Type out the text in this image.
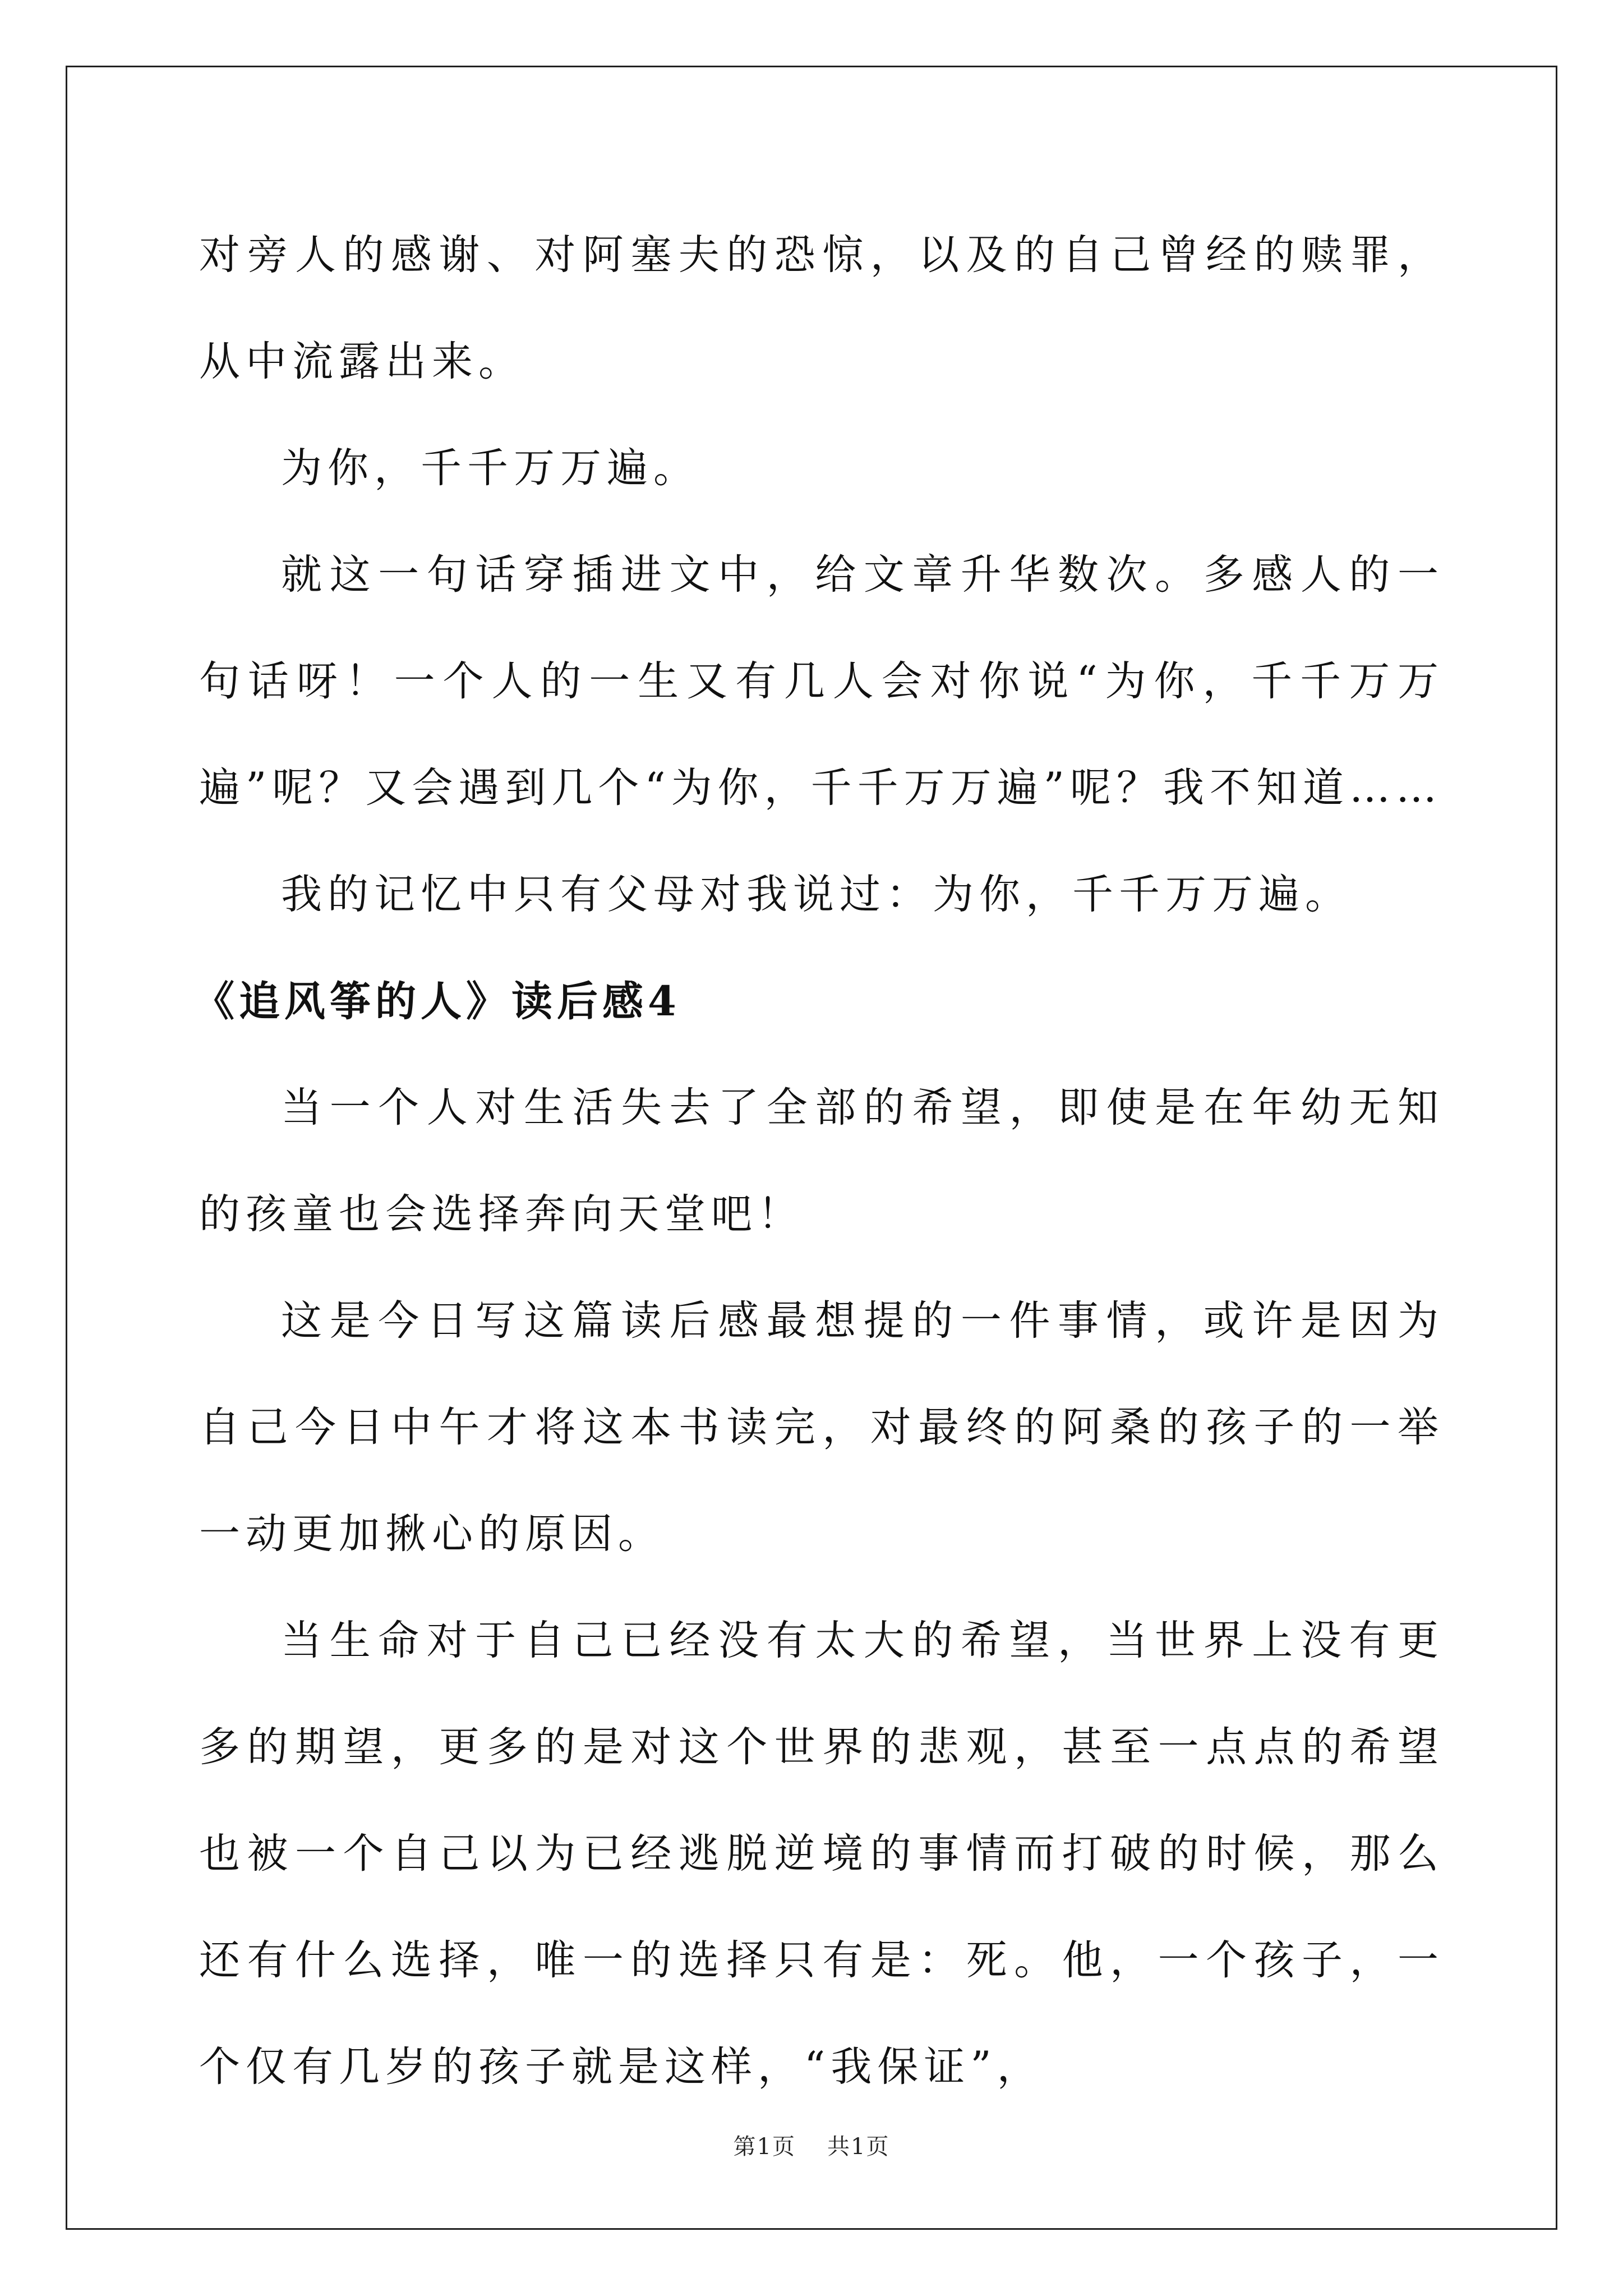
对旁人的感谢、对阿塞夫的恐惊，以及的自己曾经的赎罪，从中流露出来。

为你，千千万万遍。

就这一句话穿插进文中，给文章升华数次。多感人的一句话呀！一个人的一生又有几人会对你说“为你，千千万万遍”呢？又会遇到几个“为你，千千万万遍”呢？我不知道……

我的记忆中只有父母对我说过：为你，千千万万遍。

《追风筝的人》读后感4

当一个人对生活失去了全部的希望，即使是在年幼无知的孩童也会选择奔向天堂吧！

这是今日写这篇读后感最想提的一件事情，或许是因为自己今日中午才将这本书读完，对最终的阿桑的孩子的一举一动更加揪心的原因。

当生命对于自己已经没有太大的希望，当世界上没有更多的期望，更多的是对这个世界的悲观，甚至一点点的希望也被一个自己以为已经逃脱逆境的事情而打破的时候，那么还有什么选择，唯一的选择只有是：死。他，一个孩子，一个仅有几岁的孩子就是这样，“我保证”，

第1页 共1页
